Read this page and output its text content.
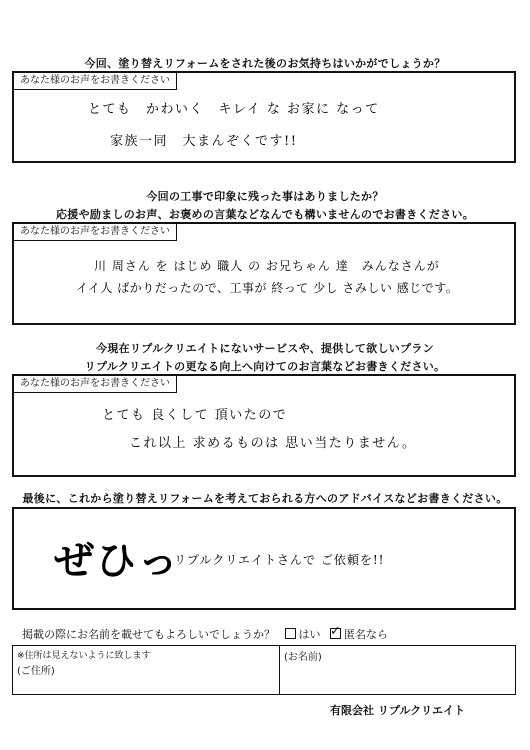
今回、塗り替えリフォームをされた後のお気持ちはいかがでしょうか？
あなた様のお声をお書きください
とても　かわいく　キレイ な お家に なって
家族一同　大まんぞくです!!
今回の工事で印象に残った事はありましたか？
応援や励ましのお声、お褒めの言葉などなんでも構いませんのでお書きください。
あなた様のお声をお書きください
川 周さん を はじめ 職人 の お兄ちゃん 達　みんなさんが
イイ人 ばかりだったので、工事が 終って 少し さみしい 感じです。
今現在リプルクリエイトにないサービスや、提供して欲しいプラン
リプルクリエイトの更なる向上へ向けてのお言葉などお書きください。
あなた様のお声をお書きください
とても 良くして 頂いたので
これ以上 求めるものは 思い当たりません。
最後に、これから塗り替えリフォームを考えておられる方へのアドバイスなどお書きください。
ぜひっ
リプルクリエイトさんで ご依頼を!!
掲載の際にお名前を載せてもよろしいでしょうか？ はい ✓ 匿名なら
※住所は見えないように致します
(ご住所)
(お名前)
有限会社 リプルクリエイト
